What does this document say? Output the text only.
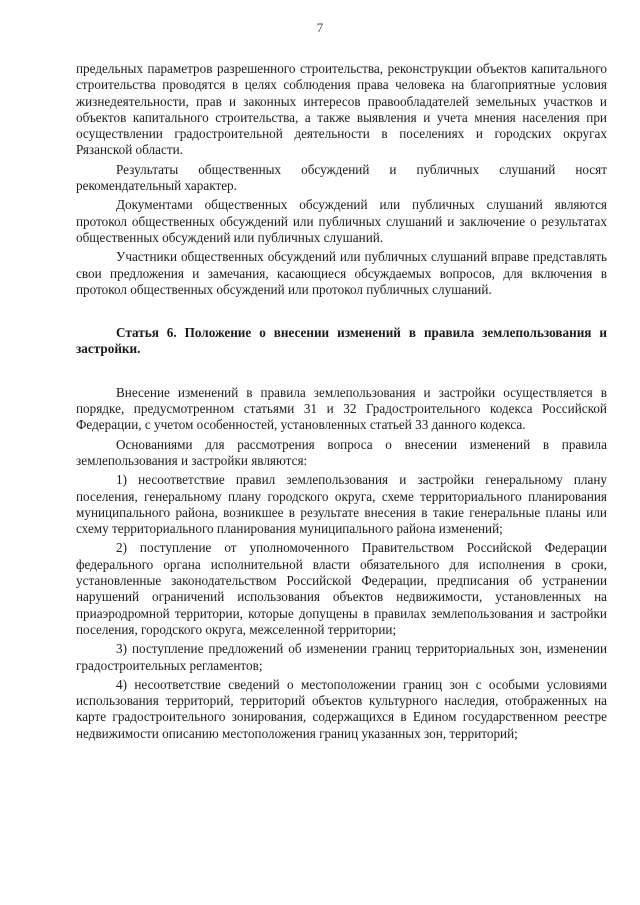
7

предельных параметров разрешенного строительства, реконструкции объектов капитального строительства проводятся в целях соблюдения права человека на благоприятные условия жизнедеятельности, прав и законных интересов правообладателей земельных участков и объектов капитального строительства, а также выявления и учета мнения населения при осуществлении градостроительной деятельности в поселениях и городских округах Рязанской области.

Результаты общественных обсуждений и публичных слушаний носят рекомендательный характер.

Документами общественных обсуждений или публичных слушаний являются протокол общественных обсуждений или публичных слушаний и заключение о результатах общественных обсуждений или публичных слушаний.

Участники общественных обсуждений или публичных слушаний вправе представлять свои предложения и замечания, касающиеся обсуждаемых вопросов, для включения в протокол общественных обсуждений или протокол публичных слушаний.

Статья 6. Положение о внесении изменений в правила землепользования и застройки.

Внесение изменений в правила землепользования и застройки осуществляется в порядке, предусмотренном статьями 31 и 32 Градостроительного кодекса Российской Федерации, с учетом особенностей, установленных статьей 33 данного кодекса.

Основаниями для рассмотрения вопроса о внесении изменений в правила землепользования и застройки являются:

1) несоответствие правил землепользования и застройки генеральному плану поселения, генеральному плану городского округа, схеме территориального планирования муниципального района, возникшее в результате внесения в такие генеральные планы или схему территориального планирования муниципального района изменений;

2) поступление от уполномоченного Правительством Российской Федерации федерального органа исполнительной власти обязательного для исполнения в сроки, установленные законодательством Российской Федерации, предписания об устранении нарушений ограничений использования объектов недвижимости, установленных на приаэродромной территории, которые допущены в правилах землепользования и застройки поселения, городского округа, межселенной территории;

3) поступление предложений об изменении границ территориальных зон, изменении градостроительных регламентов;

4) несоответствие сведений о местоположении границ зон с особыми условиями использования территорий, территорий объектов культурного наследия, отображенных на карте градостроительного зонирования, содержащихся в Едином государственном реестре недвижимости описанию местоположения границ указанных зон, территорий;
